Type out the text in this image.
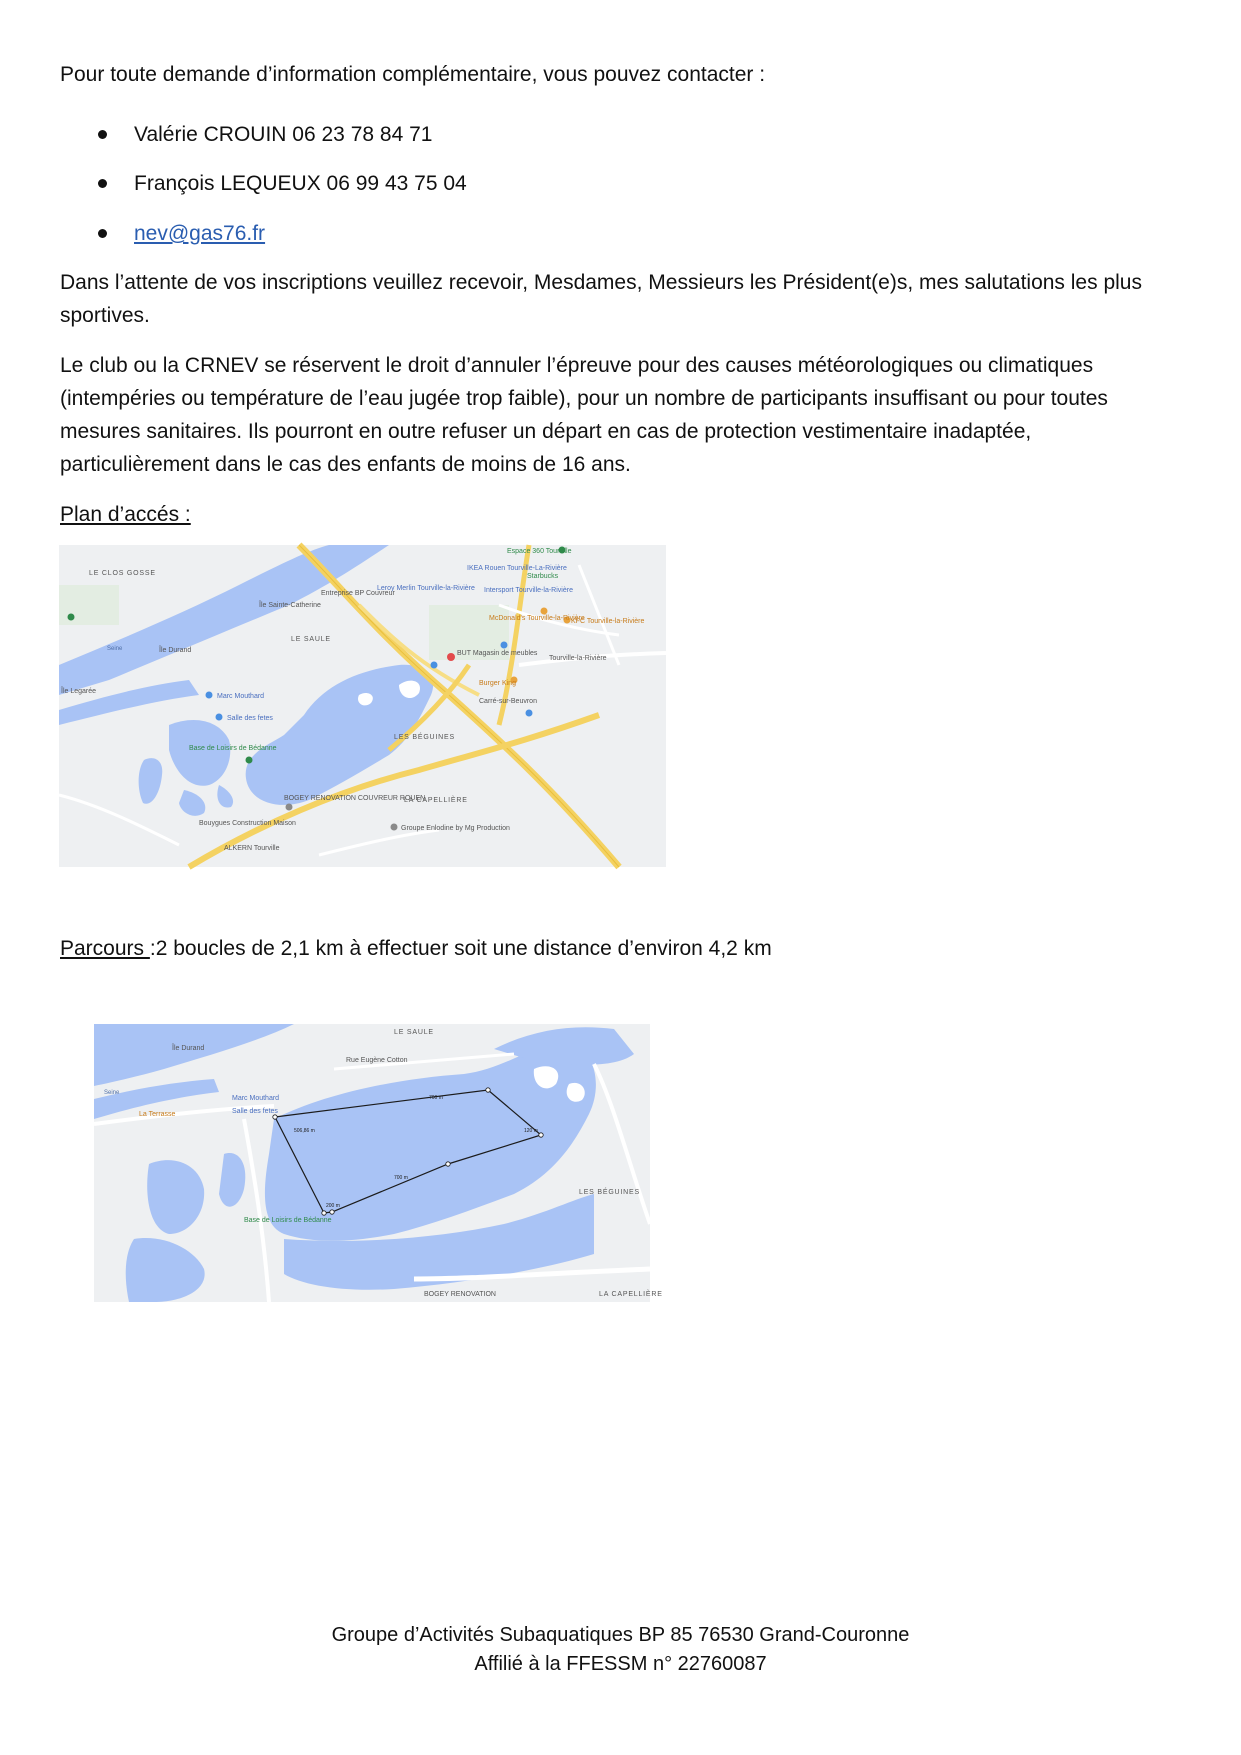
Pour toute demande d’information complémentaire, vous pouvez contacter :

Valérie CROUIN 06 23 78 84 71
François LEQUEUX 06 99 43 75 04
nev@gas76.fr

Dans l’attente de vos inscriptions veuillez recevoir, Mesdames, Messieurs les Président(e)s, mes salutations les plus sportives.

Le club ou la CRNEV se réservent le droit d’annuler l’épreuve pour des causes météorologiques ou climatiques (intempéries ou température de l’eau jugée trop faible), pour un nombre de participants insuffisant ou pour toutes mesures sanitaires. Ils pourront en outre refuser un départ en cas de protection vestimentaire inadaptée, particulièrement dans le cas des enfants de moins de 16 ans.

Plan d’accés :

LE CLOS GOSSE
Île Sainte-Catherine
Île Durand
LE SAULE
Île Legarée
Seine
Marc Mouthard
Salle des fetes
Base de Loisirs de Bédanne
LES BÉGUINES
LA CAPELLIÈRE
BOGEY RENOVATION COUVREUR ROUEN
Bouygues Construction Maison
ALKERN Tourville
Groupe Enlodine by Mg Production
Leroy Merlin Tourville-la-Rivière
IKEA Rouen Tourville-La-Rivière
Espace 360 Tourville
Intersport Tourville-la-Rivière
McDonald's Tourville-la-Rivière
KFC Tourville-la-Rivière
BUT Magasin de meubles
Burger King
Tourville-la-Rivière
Carré-sur-Beuvron
Entreprise BP Couvreur
Starbucks

Parcours :2 boucles de 2,1 km à effectuer soit une distance d’environ 4,2 km

506,86 m
700 m
120 m
700 m
200 m
Île Durand
LE SAULE
Rue Eugène Cotton
Marc Mouthard
Salle des fetes
La Terrasse
Base de Loisirs de Bédanne
LES BÉGUINES
BOGEY RENOVATION	LA CAPELLIÈRE
Seine
Groupe d’Activités Subaquatiques BP 85 76530 Grand-Couronne
Affilié à la FFESSM n° 22760087
